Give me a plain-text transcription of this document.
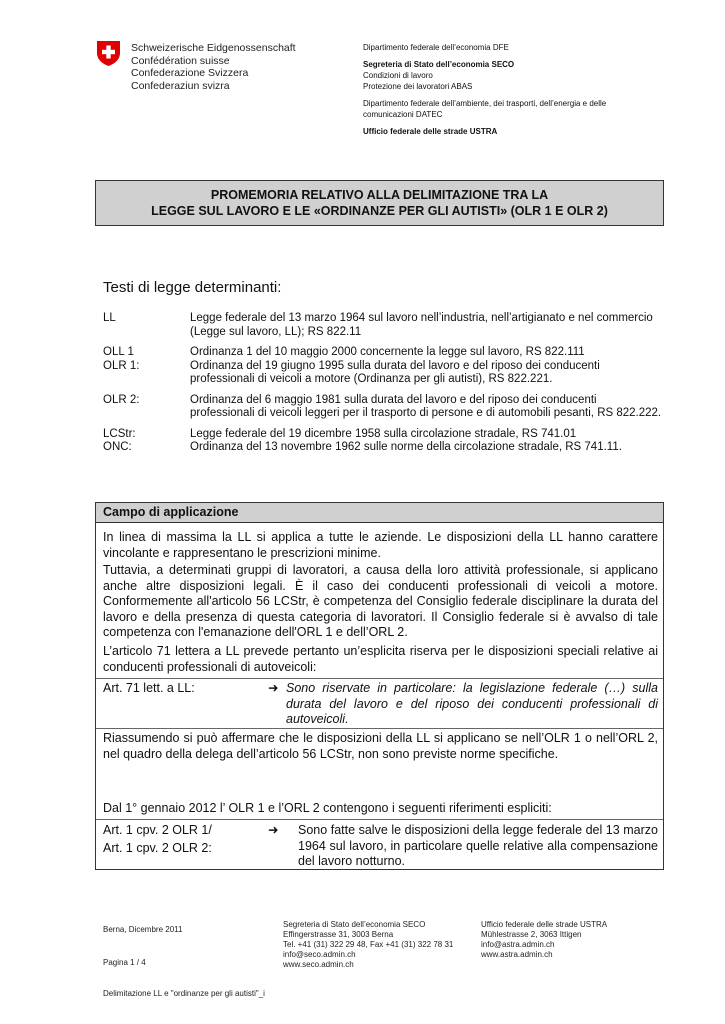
Schweizerische Eidgenossenschaft
Confédération suisse
Confederazione Svizzera
Confederaziun svizra

Dipartimento federale dell’economia DFE

Segreteria di Stato dell’economia SECO

Condizioni di lavoro

Protezione dei lavoratori ABAS

Dipartimento federale dell’ambiente, dei trasporti, dell’energia e delle

comunicazioni DATEC

Ufficio federale delle strade USTRA

PROMEMORIA RELATIVO ALLA DELIMITAZIONE TRA LA
LEGGE SUL LAVORO E LE «ORDINANZE PER GLI AUTISTI» (OLR 1 E OLR 2)
Testi di legge determinanti:
LL	Legge federale del 13 marzo 1964 sul lavoro nell’industria, nell’artigianato e nel commercio (Legge sul lavoro, LL); RS 822.11
OLL 1	Ordinanza 1 del 10 maggio 2000 concernente la legge sul lavoro, RS 822.111
OLR 1:	Ordinanza del 19 giugno 1995 sulla durata del lavoro e del riposo dei conducenti professionali di veicoli a motore (Ordinanza per gli autisti), RS 822.221.
OLR 2:	Ordinanza del 6 maggio 1981 sulla durata del lavoro e del riposo dei conducenti professionali di veicoli leggeri per il trasporto di persone e di automobili pesanti, RS 822.222.
LCStr:	Legge federale del 19 dicembre 1958 sulla circolazione stradale, RS 741.01
ONC:	Ordinanza del 13 novembre 1962 sulle norme della circolazione stradale, RS 741.11.
Campo di applicazione

In linea di massima la LL si applica a tutte le aziende. Le disposizioni della LL hanno carattere vincolante e rappresentano le prescrizioni minime.

Tuttavia, a determinati gruppi di lavoratori, a causa della loro attività professionale, si applicano anche altre disposizioni legali. È il caso dei conducenti professionali di veicoli a motore. Conformemente all'articolo 56 LCStr, è competenza del Consiglio federale disciplinare la durata del lavoro e della presenza di questa categoria di lavoratori. Il Consiglio federale si è avvalso di tale competenza con l'emanazione dell'ORL 1 e dell’ORL 2.

L’articolo 71 lettera a LL prevede pertanto un’esplicita riserva per le disposizioni speciali relative ai conducenti professionali di autoveicoli:

Art. 71 lett. a LL:	➜ Sono riservate in particolare: la legislazione federale (…) sulla durata del lavoro e del riposo dei conducenti professionali di autoveicoli.

Riassumendo si può affermare che le disposizioni della LL si applicano se nell’OLR 1 o nell’ORL 2, nel quadro della delega dell’articolo 56 LCStr, non sono previste norme specifiche.

Dal 1° gennaio 2012 l’ OLR 1 e l’ORL 2 contengono i seguenti riferimenti espliciti:

Art. 1 cpv. 2 OLR 1/
Art. 1 cpv. 2 OLR 2:
➜ Sono fatte salve le disposizioni della legge federale del 13 marzo 1964 sul lavoro, in particolare quelle relative alla compensazione del lavoro notturno.
Berna, Dicembre 2011
Pagina 1 / 4
Delimitazione LL e "ordinanze per gli autisti"_i

Segreteria di Stato dell’economia SECO

Effingerstrasse 31, 3003 Berna

Tel. +41 (31) 322 29 48, Fax +41 (31) 322 78 31

info@seco.admin.ch

www.seco.admin.ch

Ufficio federale delle strade USTRA

Mühlestrasse 2, 3063 Ittigen

info@astra.admin.ch

www.astra.admin.ch
